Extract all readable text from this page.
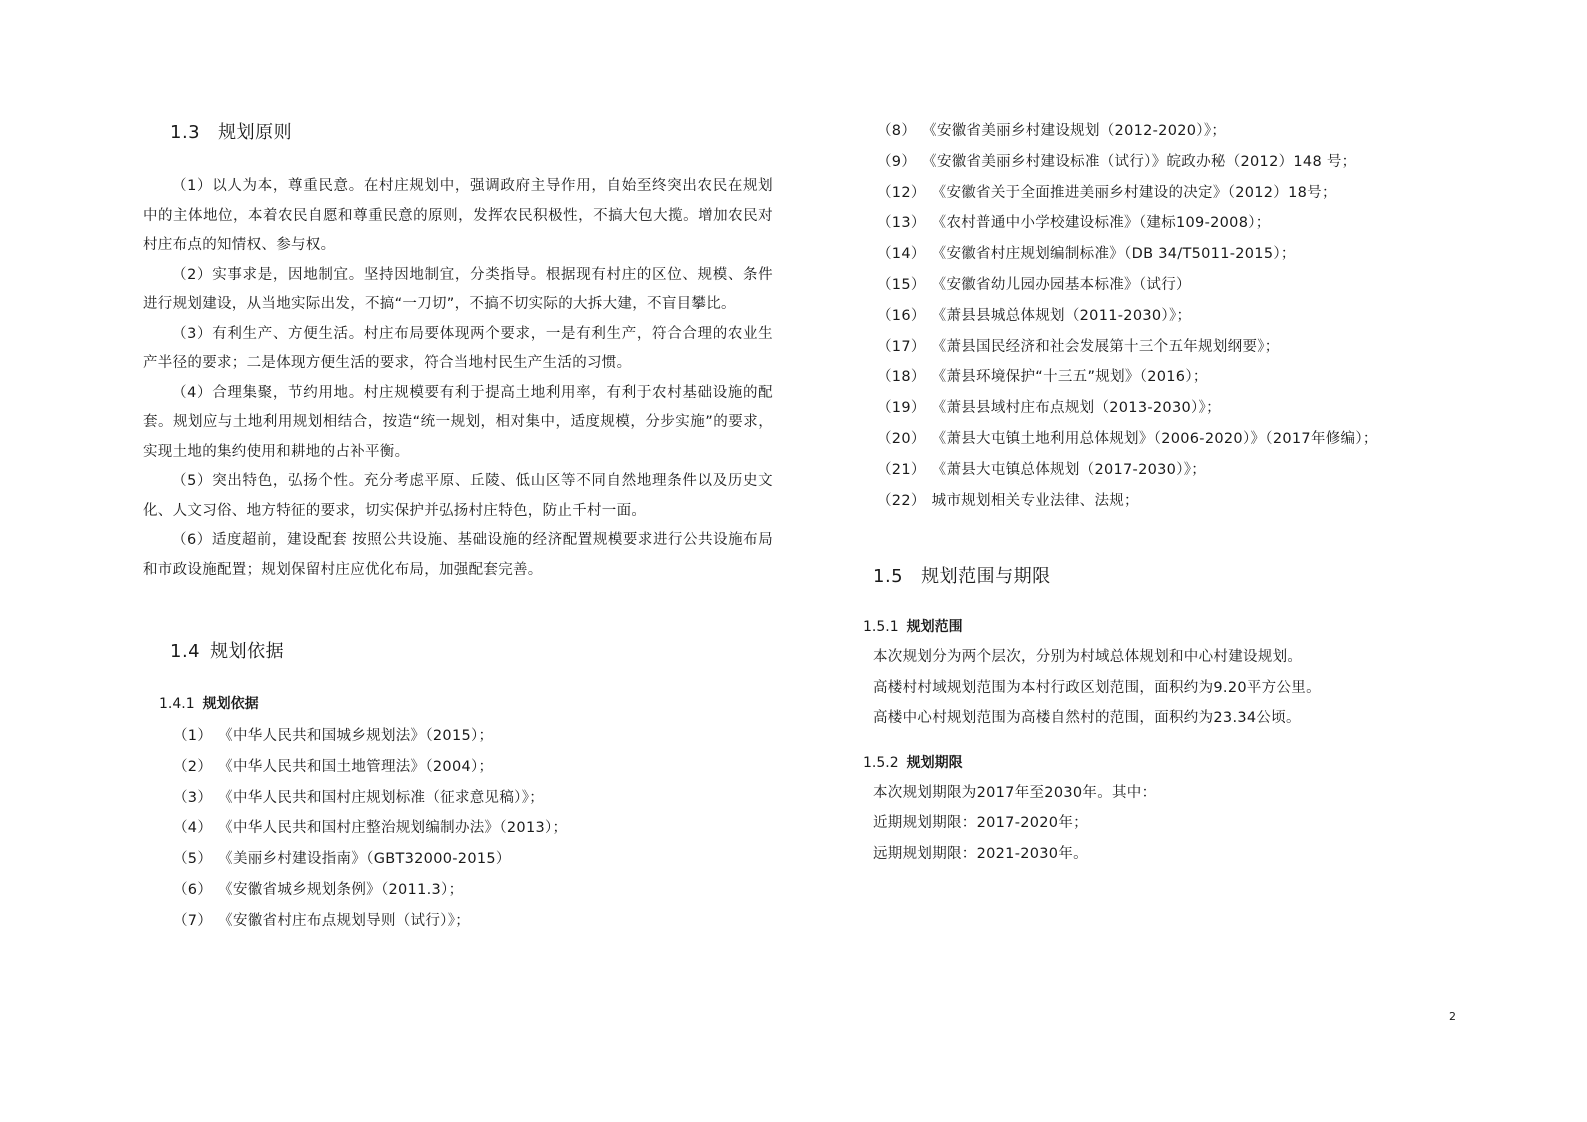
1.3 规划原则

（1）以人为本，尊重民意。在村庄规划中，强调政府主导作用，自始至终突出农民在规划中的主体地位，本着农民自愿和尊重民意的原则，发挥农民积极性，不搞大包大揽。增加农民对村庄布点的知情权、参与权。

（2）实事求是，因地制宜。坚持因地制宜，分类指导。根据现有村庄的区位、规模、条件进行规划建设，从当地实际出发，不搞“一刀切”，不搞不切实际的大拆大建，不盲目攀比。

（3）有利生产、方便生活。村庄布局要体现两个要求，一是有利生产，符合合理的农业生产半径的要求；二是体现方便生活的要求，符合当地村民生产生活的习惯。

（4）合理集聚，节约用地。村庄规模要有利于提高土地利用率，有利于农村基础设施的配套。规划应与土地利用规划相结合，按造“统一规划，相对集中，适度规模，分步实施”的要求，实现土地的集约使用和耕地的占补平衡。

（5）突出特色，弘扬个性。充分考虑平原、丘陵、低山区等不同自然地理条件以及历史文化、人文习俗、地方特征的要求，切实保护并弘扬村庄特色，防止千村一面。

（6）适度超前，建设配套 按照公共设施、基础设施的经济配置规模要求进行公共设施布局和市政设施配置；规划保留村庄应优化布局，加强配套完善。

1.4 规划依据
1.4.1 规划依据
（1） 《中华人民共和国城乡规划法》（2015）；
（2） 《中华人民共和国土地管理法》（2004）；
（3） 《中华人民共和国村庄规划标准（征求意见稿）》；
（4） 《中华人民共和国村庄整治规划编制办法》（2013）；
（5） 《美丽乡村建设指南》（GBT32000-2015）
（6） 《安徽省城乡规划条例》（2011.3）；
（7） 《安徽省村庄布点规划导则（试行）》；
（8） 《安徽省美丽乡村建设规划（2012-2020）》；
（9） 《安徽省美丽乡村建设标准（试行）》皖政办秘（2012）148 号；
（12） 《安徽省关于全面推进美丽乡村建设的决定》（2012）18号；
（13） 《农村普通中小学校建设标准》（建标109-2008）；
（14） 《安徽省村庄规划编制标准》（DB 34/T5011-2015）；
（15） 《安徽省幼儿园办园基本标准》（试行）
（16） 《萧县县城总体规划（2011-2030）》；
（17） 《萧县国民经济和社会发展第十三个五年规划纲要》；
（18） 《萧县环境保护“十三五”规划》（2016）；
（19） 《萧县县域村庄布点规划（2013-2030）》；
（20） 《萧县大屯镇土地利用总体规划》（2006-2020）》（2017年修编）；
（21） 《萧县大屯镇总体规划（2017-2030）》；
（22） 城市规划相关专业法律、法规；
1.5 规划范围与期限
1.5.1 规划范围

本次规划分为两个层次，分别为村域总体规划和中心村建设规划。

高楼村村域规划范围为本村行政区划范围，面积约为9.20平方公里。

高楼中心村规划范围为高楼自然村的范围，面积约为23.34公顷。

1.5.2 规划期限

本次规划期限为2017年至2030年。其中：

近期规划期限：2017-2020年；

远期规划期限：2021-2030年。

2
